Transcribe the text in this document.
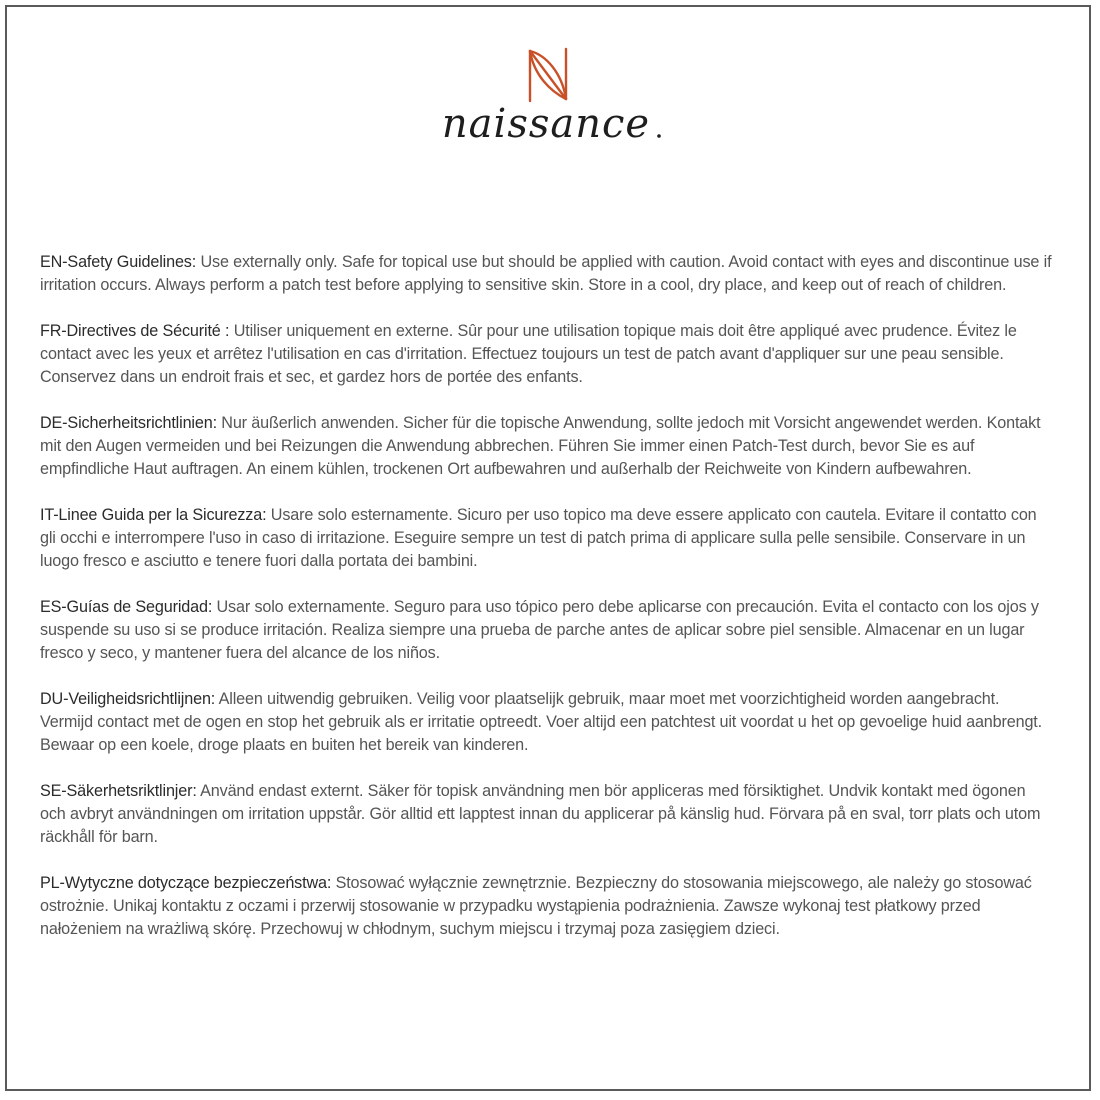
naissance

EN-Safety Guidelines: Use externally only. Safe for topical use but should be applied with caution. Avoid contact with eyes and discontinue use if irritation occurs. Always perform a patch test before applying to sensitive skin. Store in a cool, dry place, and keep out of reach of children.

FR-Directives de Sécurité : Utiliser uniquement en externe. Sûr pour une utilisation topique mais doit être appliqué avec prudence. Évitez le contact avec les yeux et arrêtez l'utilisation en cas d'irritation. Effectuez toujours un test de patch avant d'appliquer sur une peau sensible. Conservez dans un endroit frais et sec, et gardez hors de portée des enfants.

DE-Sicherheitsrichtlinien: Nur äußerlich anwenden. Sicher für die topische Anwendung, sollte jedoch mit Vorsicht angewendet werden. Kontakt mit den Augen vermeiden und bei Reizungen die Anwendung abbrechen. Führen Sie immer einen Patch-Test durch, bevor Sie es auf empfindliche Haut auftragen. An einem kühlen, trockenen Ort aufbewahren und außerhalb der Reichweite von Kindern aufbewahren.

IT-Linee Guida per la Sicurezza: Usare solo esternamente. Sicuro per uso topico ma deve essere applicato con cautela. Evitare il contatto con gli occhi e interrompere l'uso in caso di irritazione. Eseguire sempre un test di patch prima di applicare sulla pelle sensibile. Conservare in un luogo fresco e asciutto e tenere fuori dalla portata dei bambini.

ES-Guías de Seguridad: Usar solo externamente. Seguro para uso tópico pero debe aplicarse con precaución. Evita el contacto con los ojos y suspende su uso si se produce irritación. Realiza siempre una prueba de parche antes de aplicar sobre piel sensible. Almacenar en un lugar fresco y seco, y mantener fuera del alcance de los niños.

DU-Veiligheidsrichtlijnen: Alleen uitwendig gebruiken. Veilig voor plaatselijk gebruik, maar moet met voorzichtigheid worden aangebracht. Vermijd contact met de ogen en stop het gebruik als er irritatie optreedt. Voer altijd een patchtest uit voordat u het op gevoelige huid aanbrengt. Bewaar op een koele, droge plaats en buiten het bereik van kinderen.

SE-Säkerhetsriktlinjer: Använd endast externt. Säker för topisk användning men bör appliceras med försiktighet. Undvik kontakt med ögonen och avbryt användningen om irritation uppstår. Gör alltid ett lapptest innan du applicerar på känslig hud. Förvara på en sval, torr plats och utom räckhåll för barn.

PL-Wytyczne dotyczące bezpieczeństwa: Stosować wyłącznie zewnętrznie. Bezpieczny do stosowania miejscowego, ale należy go stosować ostrożnie. Unikaj kontaktu z oczami i przerwij stosowanie w przypadku wystąpienia podrażnienia. Zawsze wykonaj test płatkowy przed nałożeniem na wrażliwą skórę. Przechowuj w chłodnym, suchym miejscu i trzymaj poza zasięgiem dzieci.
